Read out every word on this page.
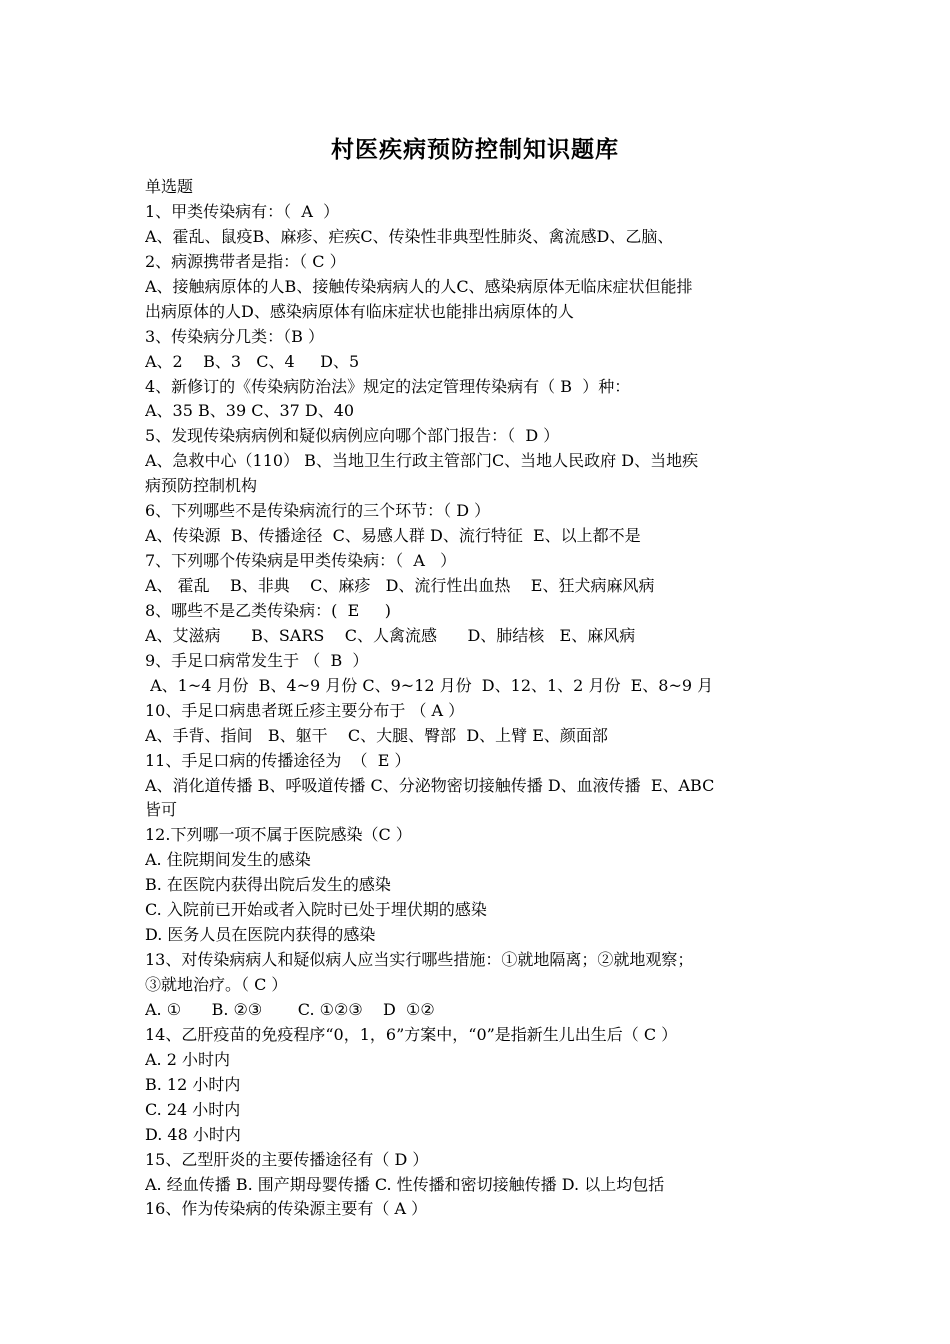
村医疾病预防控制知识题库
单选题
1、甲类传染病有：（  A  ）
A、霍乱、鼠疫B、麻疹、疟疾C、传染性非典型性肺炎、禽流感D、乙脑、
2、病源携带者是指：（ C ）
A、接触病原体的人B、接触传染病病人的人C、感染病原体无临床症状但能排
出病原体的人D、感染病原体有临床症状也能排出病原体的人
3、传染病分几类：（B ）
A、2    B、3   C、4     D、5
4、新修订的《传染病防治法》规定的法定管理传染病有（ B  ）种：
A、35 B、39 C、37 D、40
5、发现传染病病例和疑似病例应向哪个部门报告：（  D ）
A、急救中心（110） B、当地卫生行政主管部门C、当地人民政府 D、当地疾
病预防控制机构
6、下列哪些不是传染病流行的三个环节：（ D ）
A、传染源  B、传播途径  C、易感人群 D、流行特征  E、以上都不是
7、下列哪个传染病是甲类传染病：（  A   ）
A、 霍乱    B、非典    C、麻疹   D、流行性出血热    E、狂犬病麻风病
8、哪些不是乙类传染病：(  E     )
A、艾滋病      B、SARS    C、人禽流感      D、肺结核   E、麻风病
9、手足口病常发生于 （  B  ）
A、1~4 月份  B、4~9 月份 C、9~12 月份  D、12、1、2 月份  E、8~9 月
10、手足口病患者斑丘疹主要分布于 （ A ）
A、手背、指间   B、躯干    C、大腿、臀部  D、上臂 E、颜面部
11、手足口病的传播途径为  （  E ）
A、消化道传播 B、呼吸道传播 C、分泌物密切接触传播 D、血液传播  E、ABC
皆可
12.下列哪一项不属于医院感染（C ）
A. 住院期间发生的感染
B. 在医院内获得出院后发生的感染
C. 入院前已开始或者入院时已处于埋伏期的感染
D. 医务人员在医院内获得的感染
13、对传染病病人和疑似病人应当实行哪些措施：①就地隔离；②就地观察；
③就地治疗。（ C ）
A. ①      B. ②③       C. ①②③    D  ①②
14、乙肝疫苗的免疫程序“0，1，6”方案中，“0”是指新生儿出生后（ C ）
A. 2 小时内
B. 12 小时内
C. 24 小时内
D. 48 小时内
15、乙型肝炎的主要传播途径有（ D ）
A. 经血传播 B. 围产期母婴传播 C. 性传播和密切接触传播 D. 以上均包括
16、作为传染病的传染源主要有（ A ）
